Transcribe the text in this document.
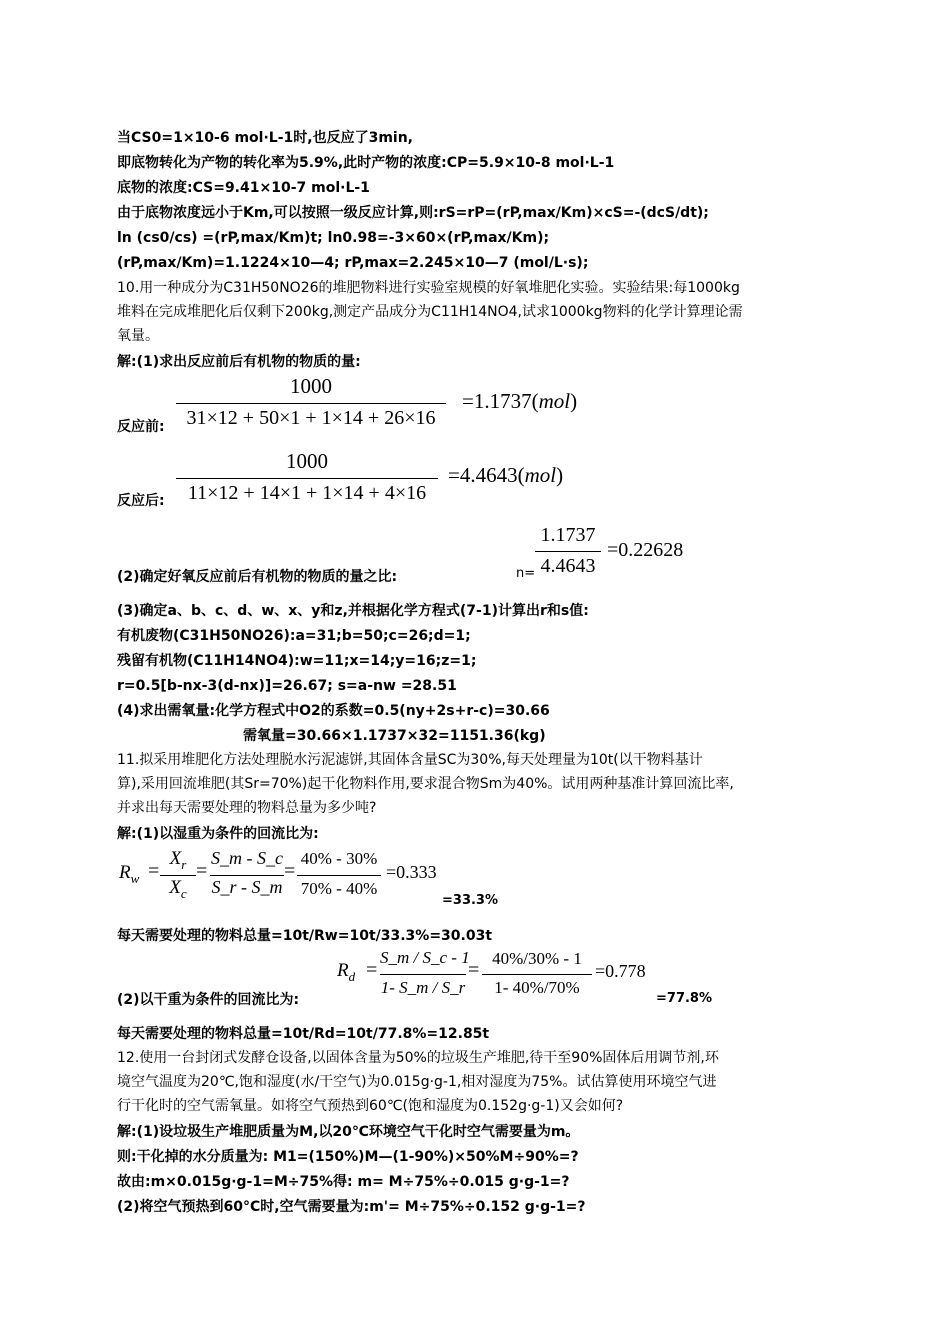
当CS0=1×10-6 mol·L-1时,也反应了3min,
即底物转化为产物的转化率为5.9%,此时产物的浓度:CP=5.9×10-8 mol·L-1
底物的浓度:CS=9.41×10-7 mol·L-1
由于底物浓度远小于Km,可以按照一级反应计算,则:rS=rP=(rP,max/Km)×cS=-(dcS/dt);
ln (cs0/cs) =(rP,max/Km)t; ln0.98=-3×60×(rP,max/Km);
(rP,max/Km)=1.1224×10—4; rP,max=2.245×10—7 (mol/L·s);
10.用一种成分为C31H50NO26的堆肥物料进行实验室规模的好氧堆肥化实验。实验结果:每1000kg
堆料在完成堆肥化后仅剩下200kg,测定产品成分为C11H14NO4,试求1000kg物料的化学计算理论需
氧量。
解:(1)求出反应前后有机物的物质的量:
反应前:
1000
31×12 + 50×1 + 1×14 + 26×16
=1.1737(mol)
反应后:
1000
11×12 + 14×1 + 1×14 + 4×16
=4.4643(mol)
(2)确定好氧反应前后有机物的物质的量之比:	n=
1.1737
4.4643
=0.22628
(3)确定a、b、c、d、w、x、y和z,并根据化学方程式(7-1)计算出r和s值:
有机废物(C31H50NO26):a=31;b=50;c=26;d=1;
残留有机物(C11H14NO4):w=11;x=14;y=16;z=1;
r=0.5[b-nx-3(d-nx)]=26.67; s=a-nw =28.51
(4)求出需氧量:化学方程式中O2的系数=0.5(ny+2s+r-c)=30.66
需氧量=30.66×1.1737×32=1151.36(kg)
11.拟采用堆肥化方法处理脱水污泥滤饼,其固体含量SC为30%,每天处理量为10t(以干物料基计
算),采用回流堆肥(其Sr=70%)起干化物料作用,要求混合物Sm为40%。试用两种基准计算回流比率,
并求出每天需要处理的物料总量为多少吨?
解:(1)以湿重为条件的回流比为:
$R_w$ =
$X_r$
$X_c$
=
S_m - S_c
S_r - S_m
=
40% - 30%
70% - 40%
=0.333
=33.3%
每天需要处理的物料总量=10t/Rw=10t/33.3%=30.03t
(2)以干重为条件的回流比为:
$R_d$ =
S_m / S_c - 1
1- S_m / S_r
=
40%/30% - 1
1- 40%/70%
=0.778
=77.8%
每天需要处理的物料总量=10t/Rd=10t/77.8%=12.85t
12.使用一台封闭式发酵仓设备,以固体含量为50%的垃圾生产堆肥,待干至90%固体后用调节剂,环
境空气温度为20℃,饱和湿度(水/干空气)为0.015g·g-1,相对湿度为75%。试估算使用环境空气进
行干化时的空气需氧量。如将空气预热到60℃(饱和湿度为0.152g·g-1)又会如何?
解:(1)设垃圾生产堆肥质量为M,以20℃环境空气干化时空气需要量为m。
则:干化掉的水分质量为: M1=(150%)M—(1-90%)×50%M÷90%=?
故由:m×0.015g·g-1=M÷75%得: m= M÷75%÷0.015 g·g-1=?
(2)将空气预热到60°C时,空气需要量为:m'= M÷75%÷0.152 g·g-1=?
